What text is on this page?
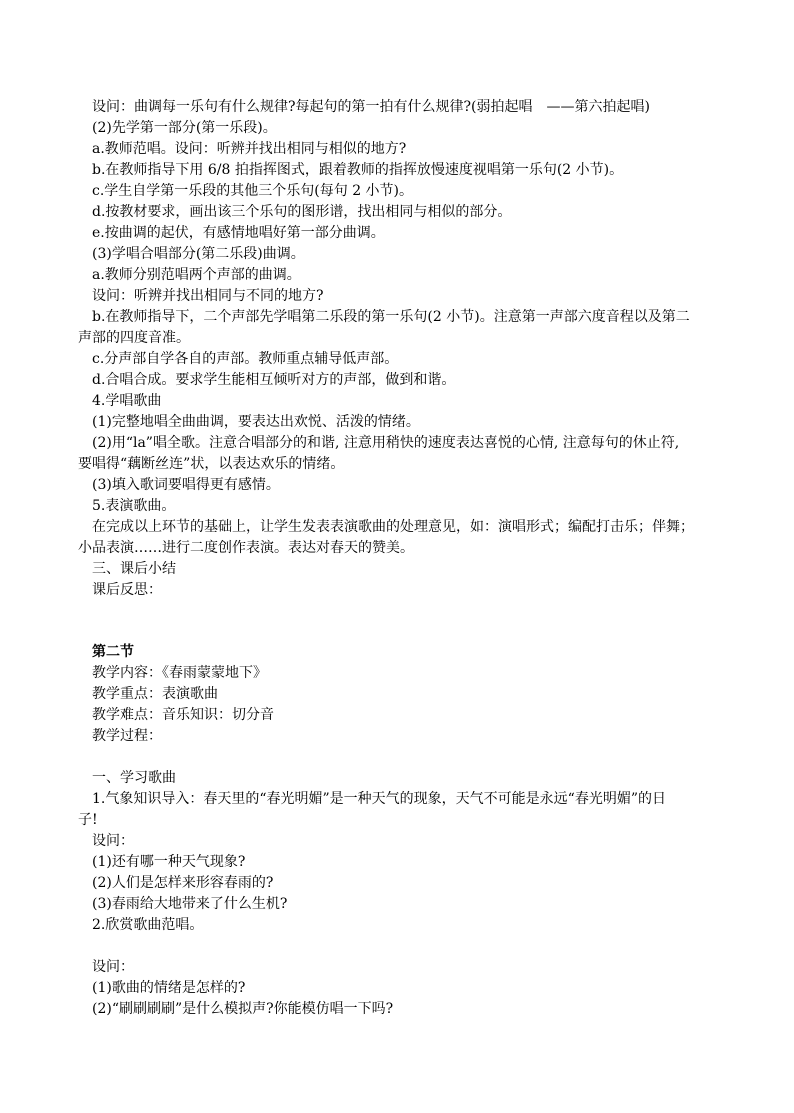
设问：曲调每一乐句有什么规律?每起句的第一拍有什么规律?(弱拍起唱　——第六拍起唱)
(2)先学第一部分(第一乐段)。
a.教师范唱。设问：听辨并找出相同与相似的地方?
b.在教师指导下用 6/8 拍指挥图式，跟着教师的指挥放慢速度视唱第一乐句(2 小节)。
c.学生自学第一乐段的其他三个乐句(每句 2 小节)。
d.按教材要求，画出该三个乐句的图形谱，找出相同与相似的部分。
e.按曲调的起伏，有感情地唱好第一部分曲调。
(3)学唱合唱部分(第二乐段)曲调。
a.教师分别范唱两个声部的曲调。
设问：听辨并找出相同与不同的地方?
b.在教师指导下，二个声部先学唱第二乐段的第一乐句(2 小节)。注意第一声部六度音程以及第二
声部的四度音准。
c.分声部自学各自的声部。教师重点辅导低声部。
d.合唱合成。要求学生能相互倾听对方的声部，做到和谐。
4.学唱歌曲
(1)完整地唱全曲曲调，要表达出欢悦、活泼的情绪。
(2)用“la”唱全歌。注意合唱部分的和谐, 注意用稍快的速度表达喜悦的心情, 注意每句的休止符,
要唱得“藕断丝连”状，以表达欢乐的情绪。
(3)填入歌词要唱得更有感情。
5.表演歌曲。
在完成以上环节的基础上，让学生发表表演歌曲的处理意见，如：演唱形式；编配打击乐；伴舞；
小品表演……进行二度创作表演。表达对春天的赞美。
三、课后小结
课后反思：
第二节
教学内容：《春雨蒙蒙地下》
教学重点：表演歌曲
教学难点：音乐知识：切分音
教学过程：
一、学习歌曲
1.气象知识导入：春天里的“春光明媚”是一种天气的现象，天气不可能是永远“春光明媚”的日
子!
设问：
(1)还有哪一种天气现象?
(2)人们是怎样来形容春雨的?
(3)春雨给大地带来了什么生机?
2.欣赏歌曲范唱。
设问：
(1)歌曲的情绪是怎样的?
(2)“刷刷刷刷”是什么模拟声?你能模仿唱一下吗?
